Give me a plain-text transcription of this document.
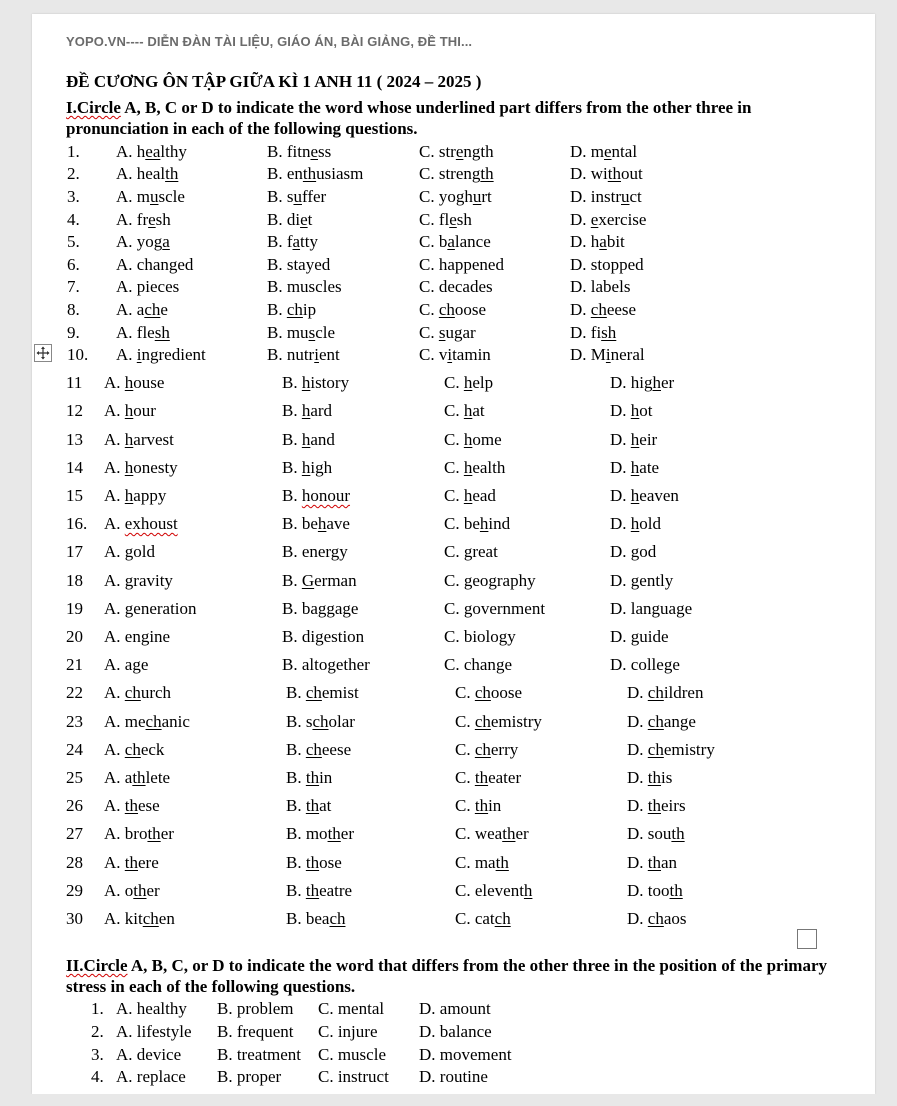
YOPO.VN---- DIỄN ĐÀN TÀI LIỆU, GIÁO ÁN, BÀI GIẢNG, ĐỀ THI...
ĐỀ CƯƠNG ÔN TẬP GIỮA KÌ 1 ANH 11 ( 2024 – 2025 )
I.Circle A, B, C or D to indicate the word whose underlined part differs from the other three in pronunciation in each of the following questions.
1. A. healthy	B. fitness	C. strength	D. mental
2. A. health	B. enthusiasm	C. strength	D. without
3. A. muscle	B. suffer	C. yoghurt	D. instruct
4. A. fresh	B. diet	C. flesh	D. exercise
5. A. yoga	B. fatty	C. balance	D. habit
6. A. changed	B. stayed	C. happened	D. stopped
7. A. pieces	B. muscles	C. decades	D. labels
8. A. ache	B. chip	C. choose	D. cheese
9. A. flesh	B. muscle	C. sugar	D. fish
10. A. ingredient	B. nutrient	C. vitamin	D. Mineral
11 A. house	B. history	C. help	D. higher
12 A. hour	B. hard	C. hat	D. hot
13 A. harvest	B. hand	C. home	D. heir
14 A. honesty	B. high	C. health	D. hate
15 A. happy	B. honour	C. head	D. heaven
16. A. exhoust	B. behave	C. behind	D. hold
17 A. gold	B. energy	C. great	D. god
18 A. gravity	B. German	C. geography	D. gently
19 A. generation	B. baggage	C. government	D. language
20 A. engine	B. digestion	C. biology	D. guide
21 A. age	B. altogether	C. change	D. college
22 A. church	B. chemist	C. choose	D. children
23 A. mechanic	B. scholar	C. chemistry	D. change
24 A. check	B. cheese	C. cherry	D. chemistry
25 A. athlete	B. thin	C. theater	D. this
26 A. these	B. that	C. thin	D. theirs
27 A. brother	B. mother	C. weather	D. south
28 A. there	B. those	C. math	D. than
29 A. other	B. theatre	C. eleventh	D. tooth
30 A. kitchen	B. beach	C. catch	D. chaos
II.Circle A, B, C, or D to indicate the word that differs from the other three in the position of the primary stress in each of the following questions.
1. A. healthy B. problem C. mental D. amount
2. A. lifestyle B. frequent C. injure D. balance
3. A. device B. treatment C. muscle D. movement
4. A. replace B. proper C. instruct D. routine
